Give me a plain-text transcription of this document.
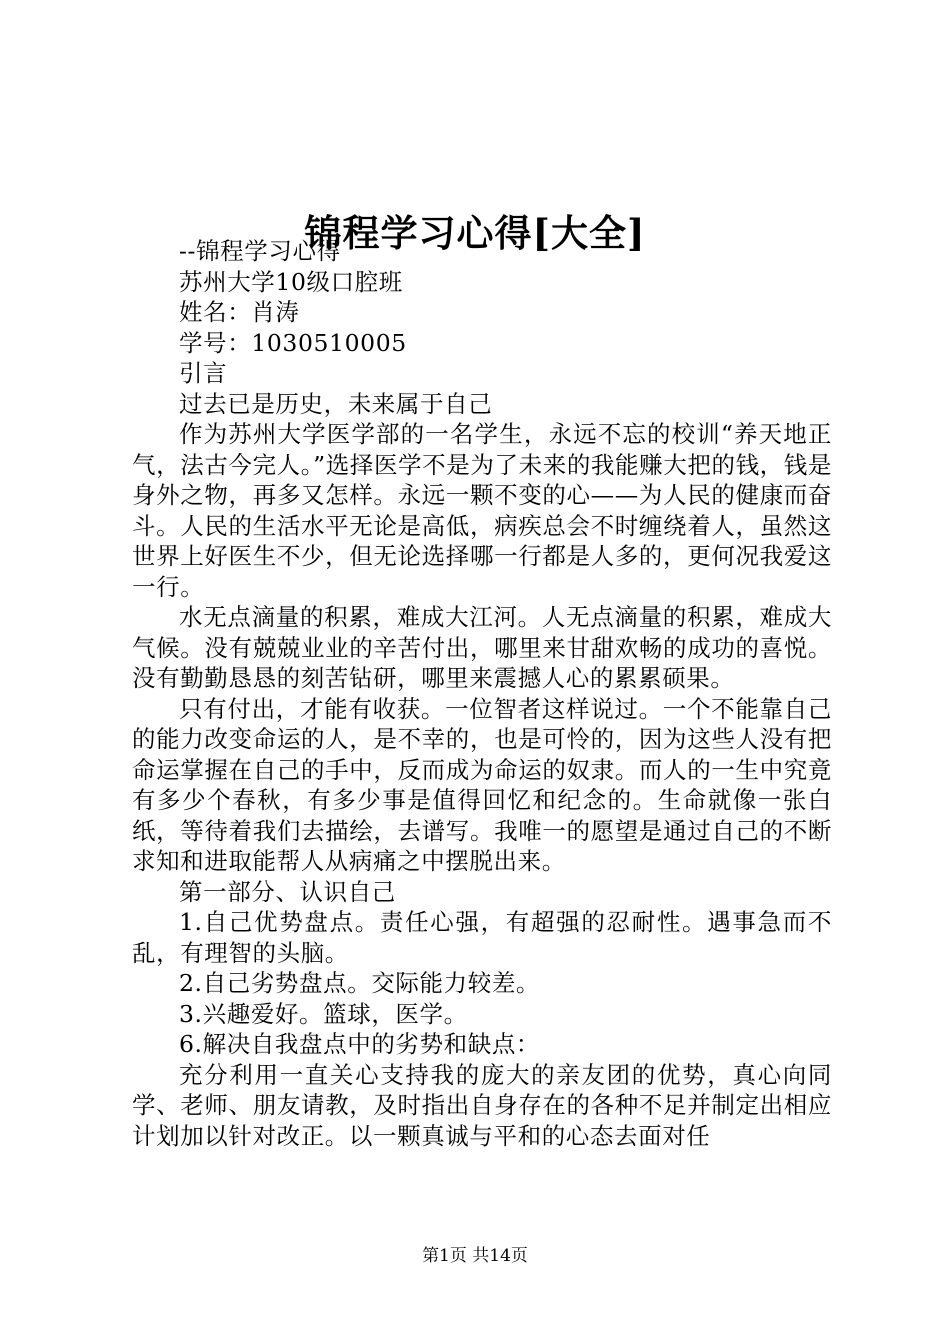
锦程学习心得[大全]

--锦程学习心得

苏州大学10级口腔班

姓名：肖涛

学号：1030510005

引言

过去已是历史，未来属于自己

作为苏州大学医学部的一名学生，永远不忘的校训“养天地正气，法古今完人。”选择医学不是为了未来的我能赚大把的钱，钱是身外之物，再多又怎样。永远一颗不变的心——为人民的健康而奋斗。人民的生活水平无论是高低，病疾总会不时缠绕着人，虽然这世界上好医生不少，但无论选择哪一行都是人多的，更何况我爱这一行。

水无点滴量的积累，难成大江河。人无点滴量的积累，难成大气候。没有兢兢业业的辛苦付出，哪里来甘甜欢畅的成功的喜悦。没有勤勤恳恳的刻苦钻研，哪里来震撼人心的累累硕果。

只有付出，才能有收获。一位智者这样说过。一个不能靠自己的能力改变命运的人，是不幸的，也是可怜的，因为这些人没有把命运掌握在自己的手中，反而成为命运的奴隶。而人的一生中究竟有多少个春秋，有多少事是值得回忆和纪念的。生命就像一张白纸，等待着我们去描绘，去谱写。我唯一的愿望是通过自己的不断求知和进取能帮人从病痛之中摆脱出来。

第一部分、认识自己

1.自己优势盘点。责任心强，有超强的忍耐性。遇事急而不乱，有理智的头脑。

2.自己劣势盘点。交际能力较差。

3.兴趣爱好。篮球，医学。

6.解决自我盘点中的劣势和缺点：

充分利用一直关心支持我的庞大的亲友团的优势，真心向同学、老师、朋友请教，及时指出自身存在的各种不足并制定出相应计划加以针对改正。以一颗真诚与平和的心态去面对任

第1页 共14页
